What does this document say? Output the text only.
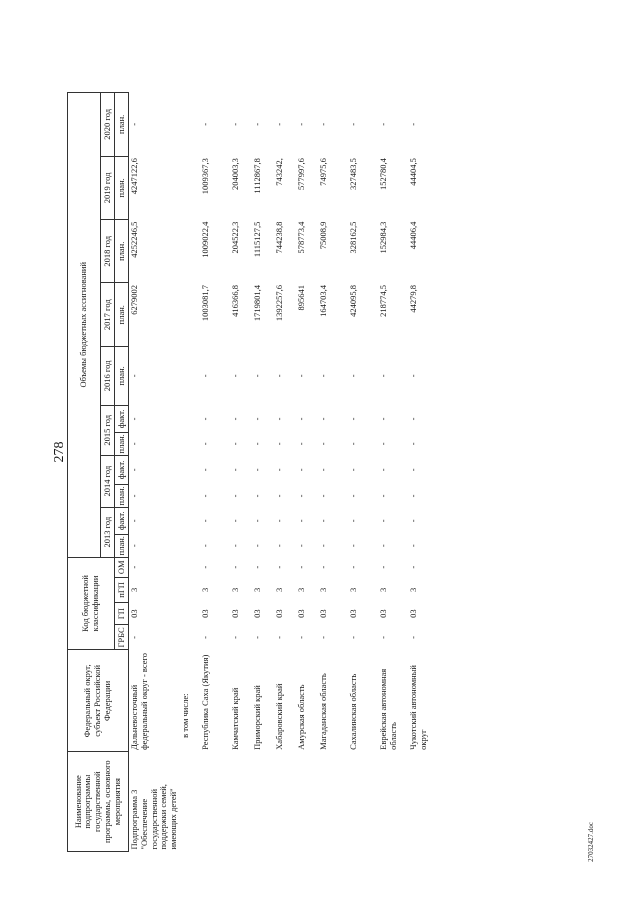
278
27032427.doc
Наименование подпрограммы государственной программы, основного мероприятия	Федеральный округ, субъект Российской Федерации	Код бюджетной классификации				Объемы бюджетных ассигнований										
						2013 год		2014 год		2015 год		2016 год	2017 год	2018 год	2019 год	2020 год
		ГРБС	ГП	пГП	ОМ	план.	факт.	план.	факт.	план.	факт.	план.	план.	план.	план.	план.
Подпрограмма 3 "Обеспечение государственной поддержки семей, имеющих детей"	Дальневосточный федеральный округ - всего	-	03	3	-	-	-	-	-	-	-	-	6279002	4252246,5	4247122,6	-
	в том числе:															
	Республика Саха (Якутия)	-	03	3	-	-	-	-	-	-	-	-	1003081,7	1009022,4	1009367,3	-
	Камчатский край	-	03	3	-	-	-	-	-	-	-	-	416366,8	204522,3	204003,3	-
	Приморский край	-	03	3	-	-	-	-	-	-	-	-	1719801,4	1115127,5	1112867,8	-
	Хабаровский край	-	03	3	-	-	-	-	-	-	-	-	1392257,6	744238,8	743242,	-
	Амурская область	-	03	3	-	-	-	-	-	-	-	-	895641	578773,4	577997,6	-
	Магаданская область	-	03	3	-	-	-	-	-	-	-	-	164703,4	75008,9	74975,6	-
	Сахалинская область	-	03	3	-	-	-	-	-	-	-	-	424095,8	328162,5	327483,5	-
	Еврейская автономная область	-	03	3	-	-	-	-	-	-	-	-	218774,5	152984,3	152780,4	-
	Чукотский автономный округ	-	03	3	-	-	-	-	-	-	-	-	44279,8	44406,4	44404,5	-
